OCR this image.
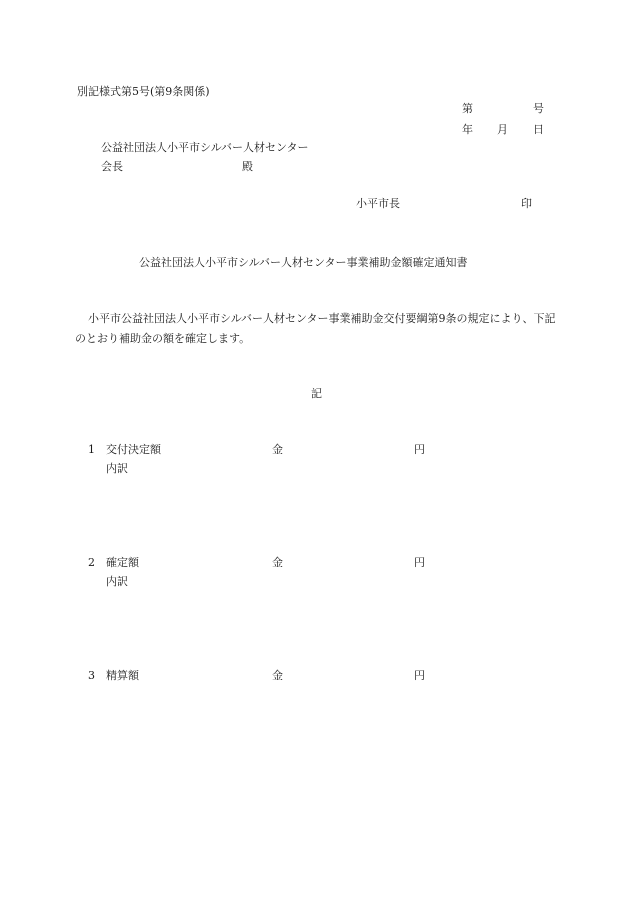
別記様式第5号(第9条関係)
第	号
年 月 日
公益社団法人小平市シルバー人材センター
会長	殿
小平市長	印
公益社団法人小平市シルバー人材センター事業補助金額確定通知書
小平市公益社団法人小平市シルバー人材センター事業補助金交付要綱第9条の規定により、下記のとおり補助金の額を確定します。
記
1 交付決定額	金	円
内訳
2 確定額	金	円
内訳
3 精算額	金	円
